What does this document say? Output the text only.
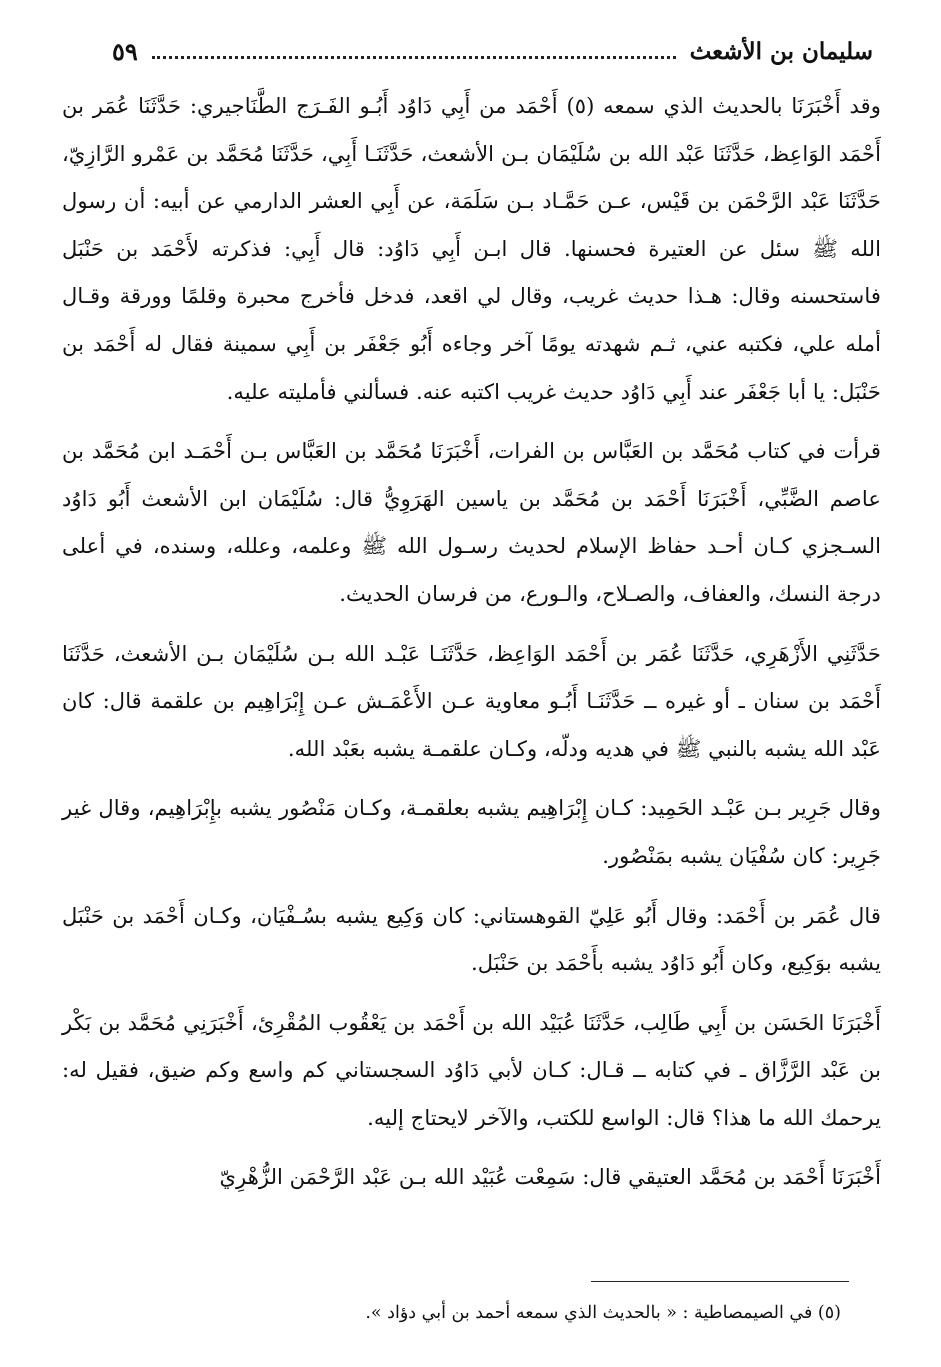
سليمان بن الأشعث
٥٩

وقد أَخْبَرَنَا بالحديث الذي سمعه (٥) أَحْمَد من أَبِي دَاوُد أَبُـو الفَـرَج الطَّنَاجيري: حَدَّثَنَا عُمَر بن أَحْمَد الوَاعِظ، حَدَّثَنَا عَبْد الله بن سُلَيْمَان بـن الأشعث، حَدَّثَنَـا أَبِي، حَدَّثَنَا مُحَمَّد بن عَمْرو الرَّازِيّ، حَدَّثَنَا عَبْد الرَّحْمَن بن قَيْس، عـن حَمَّـاد بـن سَلَمَة، عن أَبِي العشر الدارمي عن أبيه: أن رسول الله ﷺ سئل عن العتيرة فحسنها. قال ابـن أَبِي دَاوُد: قال أَبِي: فذكرته لأَحْمَد بن حَنْبَل فاستحسنه وقال: هـذا حديث غريب، وقال لي اقعد، فدخل فأخرج محبرة وقلمًا وورقة وقـال أمله علي، فكتبه عني، ثـم شهدته يومًا آخر وجاءه أَبُو جَعْفَر بن أَبِي سمينة فقال له أَحْمَد بن حَنْبَل: يا أبا جَعْفَر عند أَبِي دَاوُد حديث غريب اكتبه عنه. فسألني فأمليته عليه.

قرأت في كتاب مُحَمَّد بن العَبَّاس بن الفرات، أَخْبَرَنَا مُحَمَّد بن العَبَّاس بـن أَحْمَـد ابن مُحَمَّد بن عاصم الضَّبِّي، أَخْبَرَنَا أَحْمَد بن مُحَمَّد بن ياسين الهَرَوِيُّ قال: سُلَيْمَان ابن الأشعث أَبُو دَاوُد السـجزي كـان أحـد حفاظ الإسلام لحديث رسـول الله ﷺ وعلمه، وعلله، وسنده، في أعلى درجة النسك، والعفاف، والصـلاح، والـورع، من فرسان الحديث.

حَدَّثَنِي الأَزْهَرِي، حَدَّثَنَا عُمَر بن أَحْمَد الوَاعِظ، حَدَّثَنَـا عَبْـد الله بـن سُلَيْمَان بـن الأشعث، حَدَّثَنَا أَحْمَد بن سنان ـ أو غيره ــ حَدَّثَنَـا أَبُـو معاوية عـن الأَعْمَـش عـن إِبْرَاهِيم بن علقمة قال: كان عَبْد الله يشبه بالنبي ﷺ في هديه ودلّه، وكـان علقمـة يشبه بعَبْد الله.

وقال جَرِير بـن عَبْـد الحَمِيد: كـان إِبْرَاهِيم يشبه بعلقمـة، وكـان مَنْصُور يشبه بإِبْرَاهِيم، وقال غير جَرِير: كان سُفْيَان يشبه بمَنْصُور.

قال عُمَر بن أَحْمَد: وقال أَبُو عَلِيّ القوهستاني: كان وَكِيع يشبه بسُـفْيَان، وكـان أَحْمَد بن حَنْبَل يشبه بوَكِيع، وكان أَبُو دَاوُد يشبه بأَحْمَد بن حَنْبَل.

أَخْبَرَنَا الحَسَن بن أَبِي طَالِب، حَدَّثَنَا عُبَيْد الله بن أَحْمَد بن يَعْقُوب المُقْرِئ، أَخْبَرَنِي مُحَمَّد بن بَكْر بن عَبْد الرَّزَّاق ـ في كتابه ــ قـال: كـان لأبي دَاوُد السجستاني كم واسع وكم ضيق، فقيل له: يرحمك الله ما هذا؟ قال: الواسع للكتب، والآخر لايحتاج إليه.

أَخْبَرَنَا أَحْمَد بن مُحَمَّد العتيقي قال: سَمِعْت عُبَيْد الله بـن عَبْد الرَّحْمَن الزُّهْرِيّ

(٥) في الصيمصاطية : « بالحديث الذي سمعه أحمد بن أبي دؤاد ».
